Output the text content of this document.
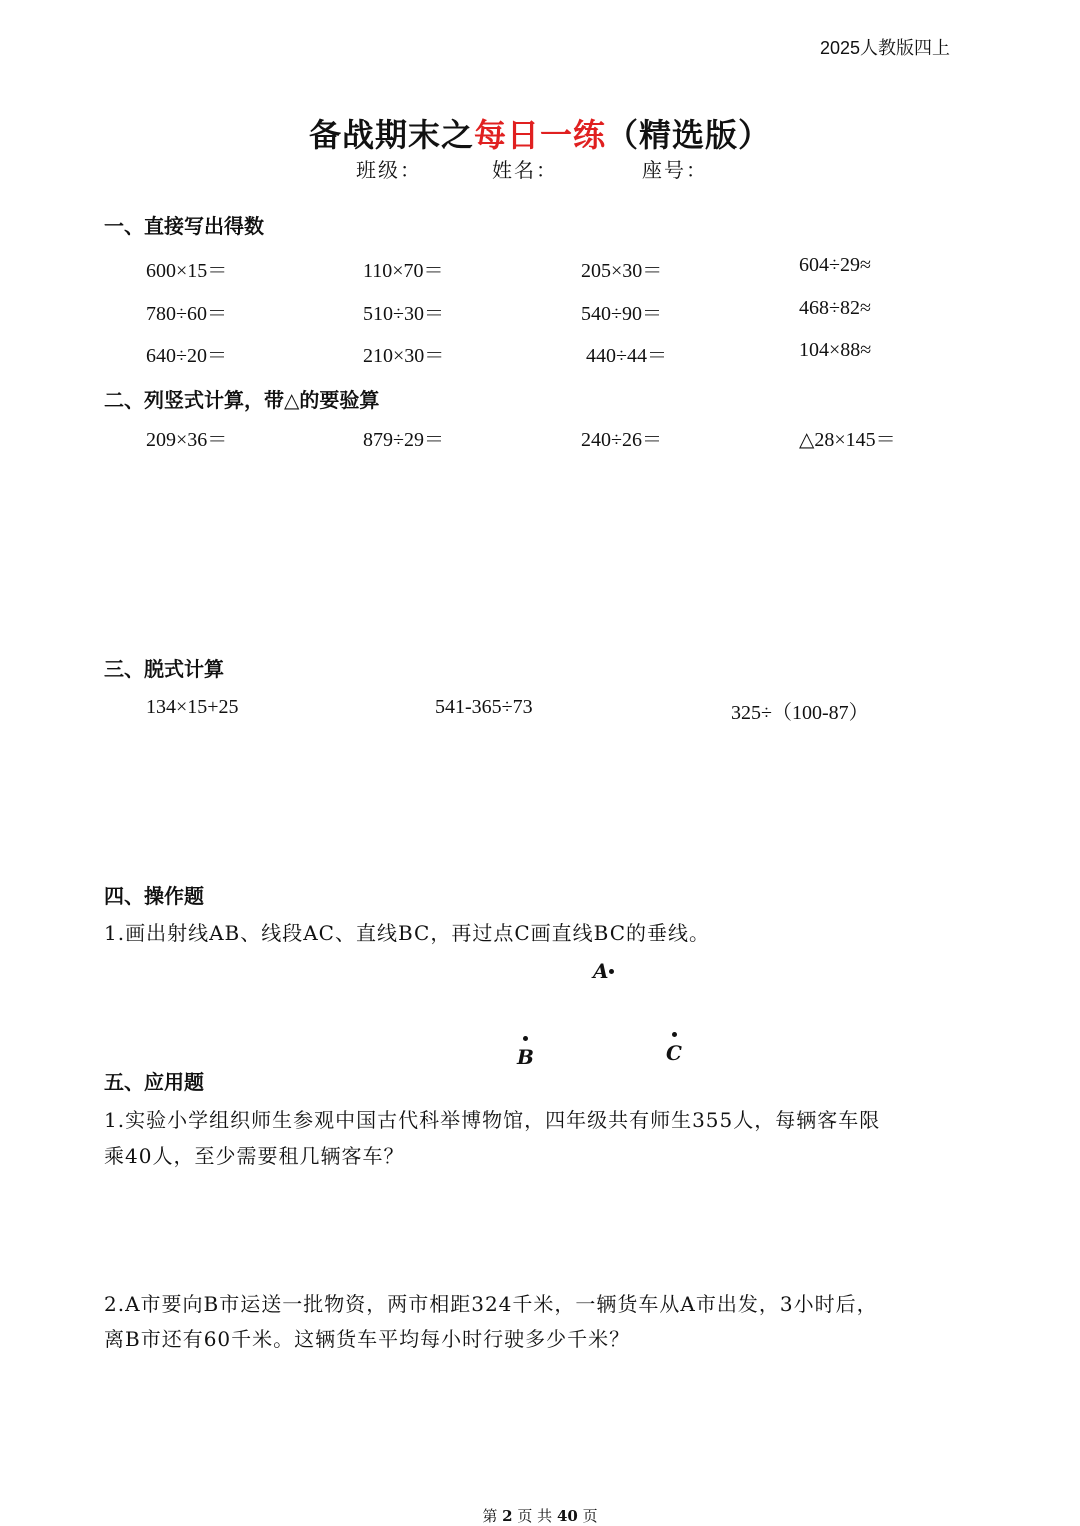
2025人教版四上
备战期末之每日一练（精选版）
班级：	姓名：	座号：
一、直接写出得数
600×15＝	110×70＝	205×30＝	604÷29≈
780÷60＝	510÷30＝	540÷90＝	468÷82≈
640÷20＝	210×30＝	440÷44＝	104×88≈
二、列竖式计算，带△的要验算
209×36＝	879÷29＝	240÷26＝	△28×145＝
三、脱式计算
134×15+25	541-365÷73	325÷（100-87）
四、操作题
1.画出射线AB、线段AC、直线BC，再过点C画直线BC的垂线。
A
B	C
五、应用题
1.实验小学组织师生参观中国古代科举博物馆，四年级共有师生355人，每辆客车限
乘40人，至少需要租几辆客车？
2.A市要向B市运送一批物资，两市相距324千米，一辆货车从A市出发，3小时后，
离B市还有60千米。这辆货车平均每小时行驶多少千米？
第 2 页 共 40 页
